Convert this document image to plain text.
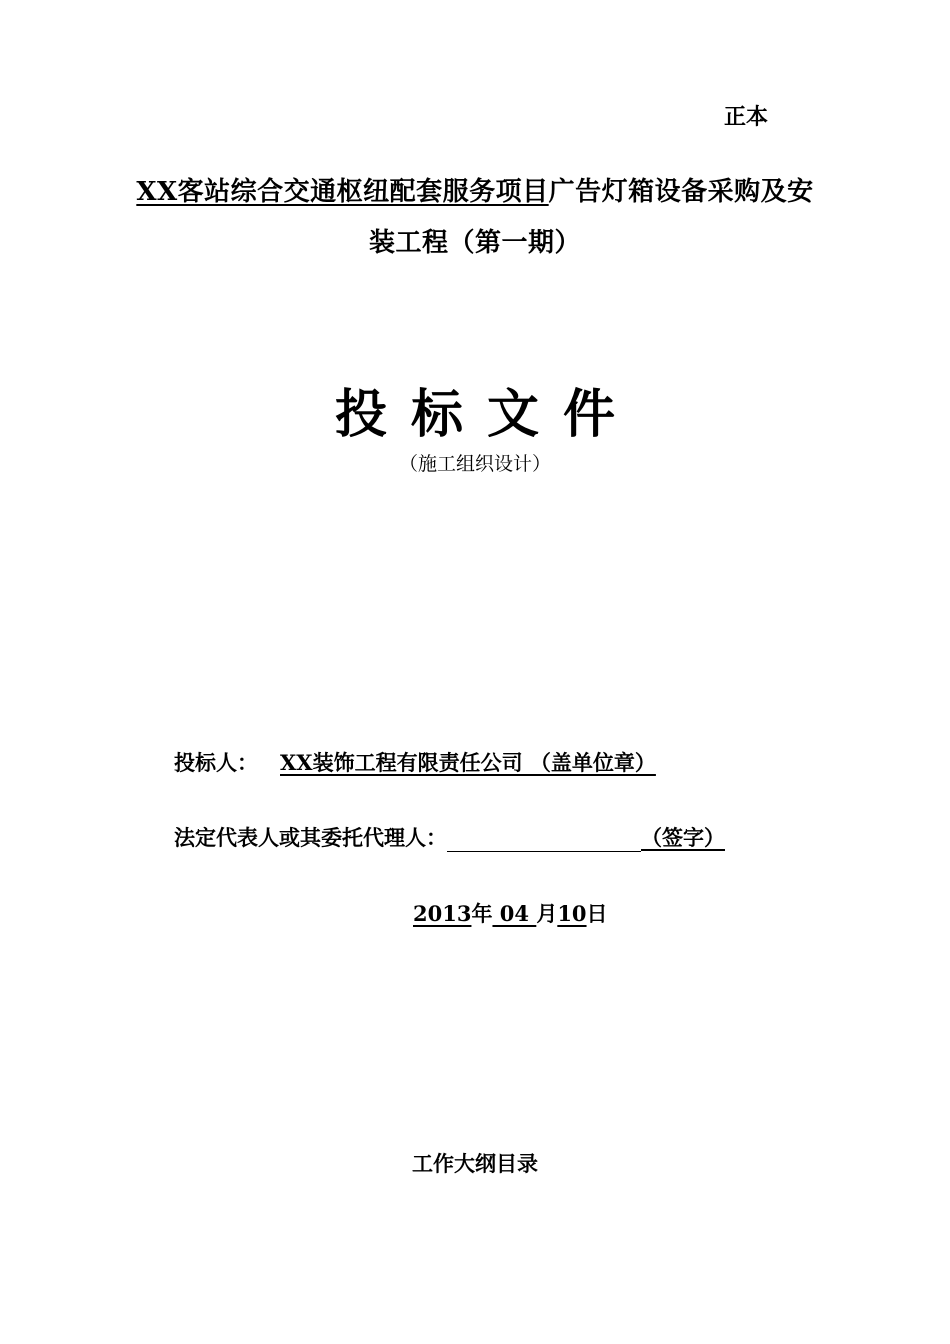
正本
XX客站综合交通枢纽配套服务项目广告灯箱设备采购及安
装工程（第一期）
投标文件
（施工组织设计）
投标人： XX装饰工程有限责任公司 （盖单位章）
法定代表人或其委托代理人：	（签字）
2013年 04 月10日
工作大纲目录
